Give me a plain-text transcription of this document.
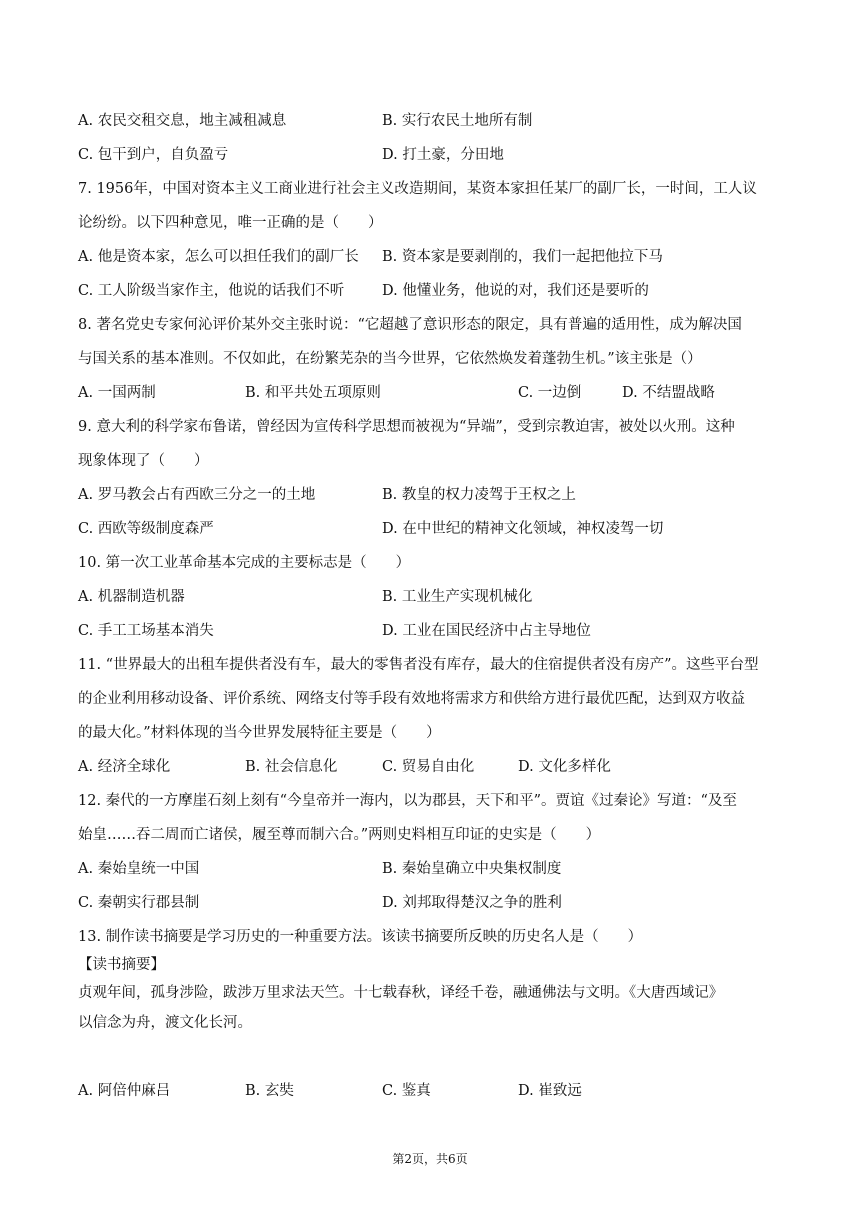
A. 农民交租交息，地主减租减息	B. 实行农民土地所有制
C. 包干到户，自负盈亏	D. 打土豪，分田地
7. 1956年，中国对资本主义工商业进行社会主义改造期间，某资本家担任某厂的副厂长，一时间，工人议
论纷纷。以下四种意见，唯一正确的是（　　）
A. 他是资本家，怎么可以担任我们的副厂长 B. 资本家是要剥削的，我们一起把他拉下马
C. 工人阶级当家作主，他说的话我们不听	D. 他懂业务，他说的对，我们还是要听的
8. 著名党史专家何沁评价某外交主张时说：“它超越了意识形态的限定，具有普遍的适用性，成为解决国
与国关系的基本准则。不仅如此，在纷繁芜杂的当今世界，它依然焕发着蓬勃生机。”该主张是（）
A. 一国两制	B. 和平共处五项原则	C. 一边倒	D. 不结盟战略
9. 意大利的科学家布鲁诺，曾经因为宣传科学思想而被视为“异端”，受到宗教迫害，被处以火刑。这种
现象体现了（　　）
A. 罗马教会占有西欧三分之一的土地	B. 教皇的权力凌驾于王权之上
C. 西欧等级制度森严	D. 在中世纪的精神文化领域，神权凌驾一切
10. 第一次工业革命基本完成的主要标志是（　　）
A. 机器制造机器	B. 工业生产实现机械化
C. 手工工场基本消失	D. 工业在国民经济中占主导地位
11. “世界最大的出租车提供者没有车，最大的零售者没有库存，最大的住宿提供者没有房产”。这些平台型
的企业利用移动设备、评价系统、网络支付等手段有效地将需求方和供给方进行最优匹配，达到双方收益
的最大化。”材料体现的当今世界发展特征主要是（　　）
A. 经济全球化	B. 社会信息化	C. 贸易自由化	D. 文化多样化
12. 秦代的一方摩崖石刻上刻有“今皇帝并一海内，以为郡县，天下和平”。贾谊《过秦论》写道：“及至
始皇……吞二周而亡诸侯，履至尊而制六合。”两则史料相互印证的史实是（　　）
A. 秦始皇统一中国	B. 秦始皇确立中央集权制度
C. 秦朝实行郡县制	D. 刘邦取得楚汉之争的胜利
13. 制作读书摘要是学习历史的一种重要方法。该读书摘要所反映的历史名人是（　　）
【读书摘要】
贞观年间，孤身涉险，跋涉万里求法天竺。十七载春秋，译经千卷，融通佛法与文明。《大唐西域记》
以信念为舟，渡文化长河。
A. 阿倍仲麻吕	B. 玄奘	C. 鉴真	D. 崔致远
第2页，共6页
